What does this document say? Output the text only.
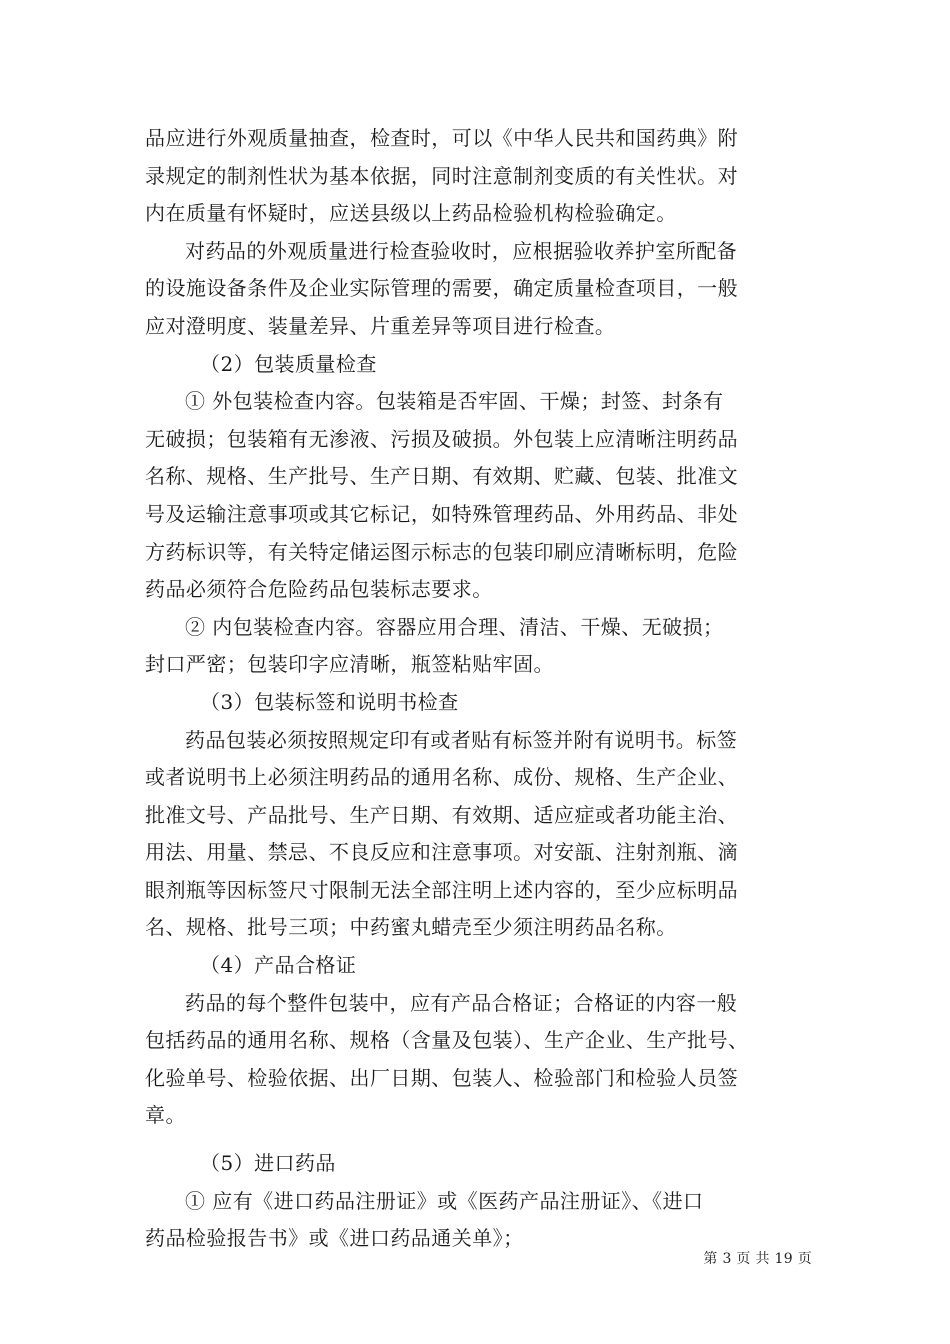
品应进行外观质量抽查，检查时，可以《中华人民共和国药典》附
录规定的制剂性状为基本依据，同时注意制剂变质的有关性状。对
内在质量有怀疑时，应送县级以上药品检验机构检验确定。
对药品的外观质量进行检查验收时，应根据验收养护室所配备
的设施设备条件及企业实际管理的需要，确定质量检查项目，一般
应对澄明度、装量差异、片重差异等项目进行检查。
（2）包装质量检查
① 外包装检查内容。包装箱是否牢固、干燥；封签、封条有
无破损；包装箱有无渗液、污损及破损。外包装上应清晰注明药品
名称、规格、生产批号、生产日期、有效期、贮藏、包装、批准文
号及运输注意事项或其它标记，如特殊管理药品、外用药品、非处
方药标识等，有关特定储运图示标志的包装印刷应清晰标明，危险
药品必须符合危险药品包装标志要求。
② 内包装检查内容。容器应用合理、清洁、干燥、无破损；
封口严密；包装印字应清晰，瓶签粘贴牢固。
（3）包装标签和说明书检查
药品包装必须按照规定印有或者贴有标签并附有说明书。标签
或者说明书上必须注明药品的通用名称、成份、规格、生产企业、
批准文号、产品批号、生产日期、有效期、适应症或者功能主治、
用法、用量、禁忌、不良反应和注意事项。对安瓿、注射剂瓶、滴
眼剂瓶等因标签尺寸限制无法全部注明上述内容的，至少应标明品
名、规格、批号三项；中药蜜丸蜡壳至少须注明药品名称。
（4）产品合格证
药品的每个整件包装中，应有产品合格证；合格证的内容一般
包括药品的通用名称、规格（含量及包装）、生产企业、生产批号、
化验单号、检验依据、出厂日期、包装人、检验部门和检验人员签
章。
（5）进口药品
① 应有《进口药品注册证》或《医药产品注册证》、《进口
药品检验报告书》或《进口药品通关单》；
第 3 页 共 19 页
